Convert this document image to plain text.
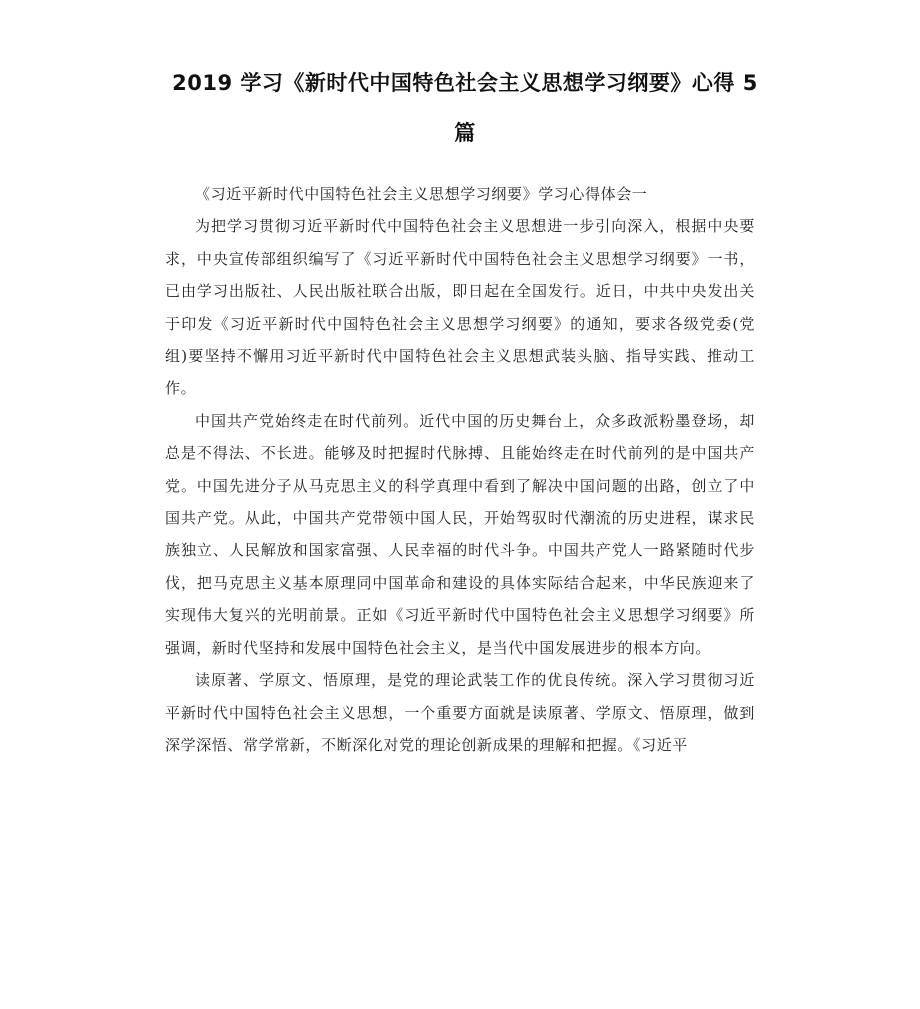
2019 学习《新时代中国特色社会主义思想学习纲要》心得 5 篇

《习近平新时代中国特色社会主义思想学习纲要》学习心得体会一

为把学习贯彻习近平新时代中国特色社会主义思想进一步引向深入，根据中央要求，中央宣传部组织编写了《习近平新时代中国特色社会主义思想学习纲要》一书，已由学习出版社、人民出版社联合出版，即日起在全国发行。近日，中共中央发出关于印发《习近平新时代中国特色社会主义思想学习纲要》的通知，要求各级党委(党组)要坚持不懈用习近平新时代中国特色社会主义思想武装头脑、指导实践、推动工作。

中国共产党始终走在时代前列。近代中国的历史舞台上，众多政派粉墨登场，却总是不得法、不长进。能够及时把握时代脉搏、且能始终走在时代前列的是中国共产党。中国先进分子从马克思主义的科学真理中看到了解决中国问题的出路，创立了中国共产党。从此，中国共产党带领中国人民，开始驾驭时代潮流的历史进程，谋求民族独立、人民解放和国家富强、人民幸福的时代斗争。中国共产党人一路紧随时代步伐，把马克思主义基本原理同中国革命和建设的具体实际结合起来，中华民族迎来了实现伟大复兴的光明前景。正如《习近平新时代中国特色社会主义思想学习纲要》所强调，新时代坚持和发展中国特色社会主义，是当代中国发展进步的根本方向。

读原著、学原文、悟原理，是党的理论武装工作的优良传统。深入学习贯彻习近平新时代中国特色社会主义思想，一个重要方面就是读原著、学原文、悟原理，做到深学深悟、常学常新，不断深化对党的理论创新成果的理解和把握。《习近平
